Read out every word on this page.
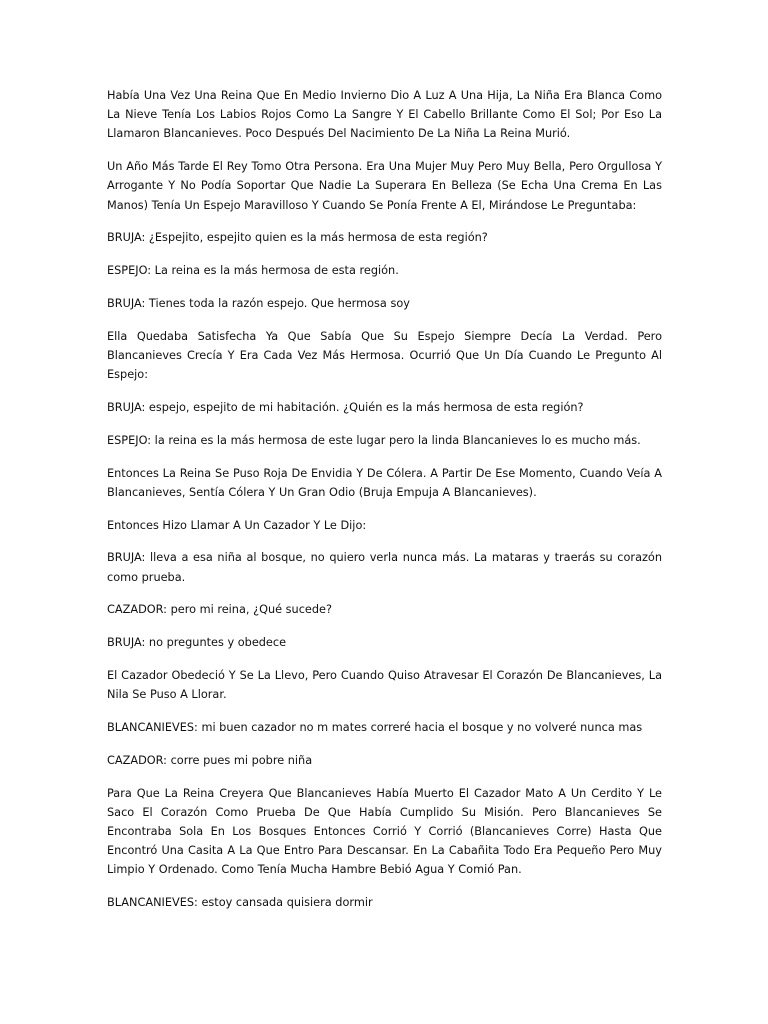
Había Una Vez Una Reina Que En Medio Invierno Dio A Luz A Una Hija, La Niña Era Blanca Como La Nieve Tenía Los Labios Rojos Como La Sangre Y El Cabello Brillante Como El Sol; Por Eso La Llamaron Blancanieves. Poco Después Del Nacimiento De La Niña La Reina Murió.

Un Año Más Tarde El Rey Tomo Otra Persona. Era Una Mujer Muy Pero Muy Bella, Pero Orgullosa Y Arrogante Y No Podía Soportar Que Nadie La Superara En Belleza (Se Echa Una Crema En Las Manos) Tenía Un Espejo Maravilloso Y Cuando Se Ponía Frente A El, Mirándose Le Preguntaba:

BRUJA: ¿Espejito, espejito quien es la más hermosa de esta región?

ESPEJO: La reina es la más hermosa de esta región.

BRUJA: Tienes toda la razón espejo. Que hermosa soy

Ella Quedaba Satisfecha Ya Que Sabía Que Su Espejo Siempre Decía La Verdad. Pero Blancanieves Crecía Y Era Cada Vez Más Hermosa. Ocurrió Que Un Día Cuando Le Pregunto Al Espejo:

BRUJA: espejo, espejito de mi habitación. ¿Quién es la más hermosa de esta región?

ESPEJO: la reina es la más hermosa de este lugar pero la linda Blancanieves lo es mucho más.

Entonces La Reina Se Puso Roja De Envidia Y De Cólera. A Partir De Ese Momento, Cuando Veía A Blancanieves, Sentía Cólera Y Un Gran Odio (Bruja Empuja A Blancanieves).

Entonces Hizo Llamar A Un Cazador Y Le Dijo:

BRUJA: lleva a esa niña al bosque, no quiero verla nunca más. La mataras y traerás su corazón como prueba.

CAZADOR: pero mi reina, ¿Qué sucede?

BRUJA: no preguntes y obedece

El Cazador Obedeció Y Se La Llevo, Pero Cuando Quiso Atravesar El Corazón De Blancanieves, La Nila Se Puso A Llorar.

BLANCANIEVES: mi buen cazador no m mates correré hacia el bosque y no volveré nunca mas

CAZADOR: corre pues mi pobre niña

Para Que La Reina Creyera Que Blancanieves Había Muerto El Cazador Mato A Un Cerdito Y Le Saco El Corazón Como Prueba De Que Había Cumplido Su Misión. Pero Blancanieves Se Encontraba Sola En Los Bosques Entonces Corrió Y Corrió (Blancanieves Corre) Hasta Que Encontró Una Casita A La Que Entro Para Descansar. En La Cabañita Todo Era Pequeño Pero Muy Limpio Y Ordenado. Como Tenía Mucha Hambre Bebió Agua Y Comió Pan.

BLANCANIEVES: estoy cansada quisiera dormir
